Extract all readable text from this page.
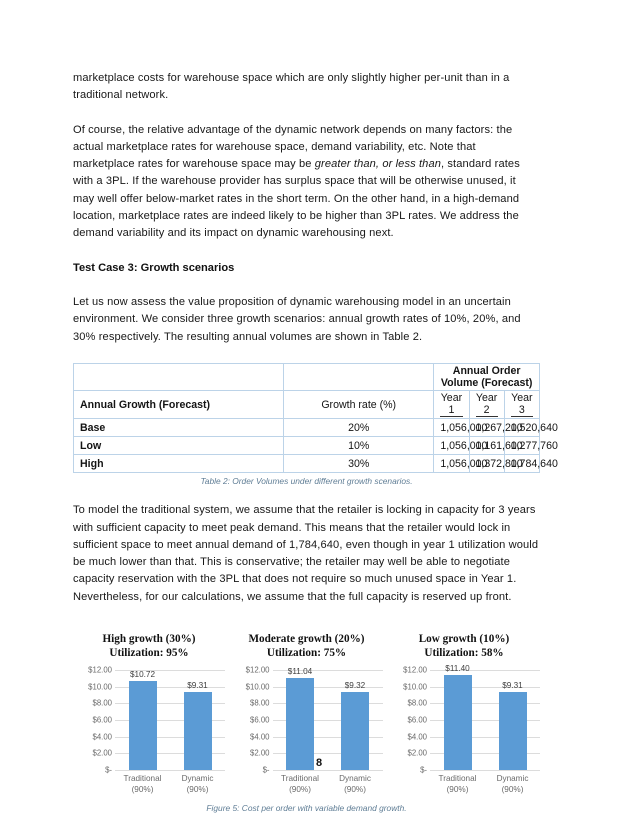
marketplace costs for warehouse space which are only slightly higher per-unit than in a traditional network.

Of course, the relative advantage of the dynamic network depends on many factors: the actual marketplace rates for warehouse space, demand variability, etc. Note that marketplace rates for warehouse space may be greater than, or less than, standard rates with a 3PL. If the warehouse provider has surplus space that will be otherwise unused, it may well offer below-market rates in the short term. On the other hand, in a high-demand location, marketplace rates are indeed likely to be higher than 3PL rates. We address the demand variability and its impact on dynamic warehousing next.

Test Case 3: Growth scenarios

Let us now assess the value proposition of dynamic warehousing model in an uncertain environment. We consider three growth scenarios: annual growth rates of 10%, 20%, and 30% respectively. The resulting annual volumes are shown in Table 2.

		Annual Order Volume (Forecast)		
Annual Growth (Forecast)	Growth rate (%)	Year 1	Year 2	Year 3
Base	20%	1,056,000	1,267,200	1,520,640
Low	10%	1,056,000	1,161,600	1,277,760
High	30%	1,056,000	1,372,800	1,784,640

Table 2: Order Volumes under different growth scenarios.

To model the traditional system, we assume that the retailer is locking in capacity for 3 years with sufficient capacity to meet peak demand. This means that the retailer would lock in sufficient space to meet annual demand of 1,784,640, even though in year 1 utilization would be much lower than that. This is conservative; the retailer may well be able to negotiate capacity reservation with the 3PL that does not require so much unused space in Year 1. Nevertheless, for our calculations, we assume that the full capacity is reserved up front.

High growth (30%)
Utilization: 95%
$12.00
$10.00
$8.00
$6.00
$4.00
$2.00
$-
$10.72
$9.31
Traditional
(90%)
Dynamic
(90%)
Moderate growth (20%)
Utilization: 75%
$12.00
$10.00
$8.00
$6.00
$4.00
$2.00
$-
$11.04
$9.32
Traditional
(90%)
Dynamic
(90%)
Low growth (10%)
Utilization: 58%
$12.00
$10.00
$8.00
$6.00
$4.00
$2.00
$-
$11.40
$9.31
Traditional
(90%)
Dynamic
(90%)
Figure 5: Cost per order with variable demand growth.
8
